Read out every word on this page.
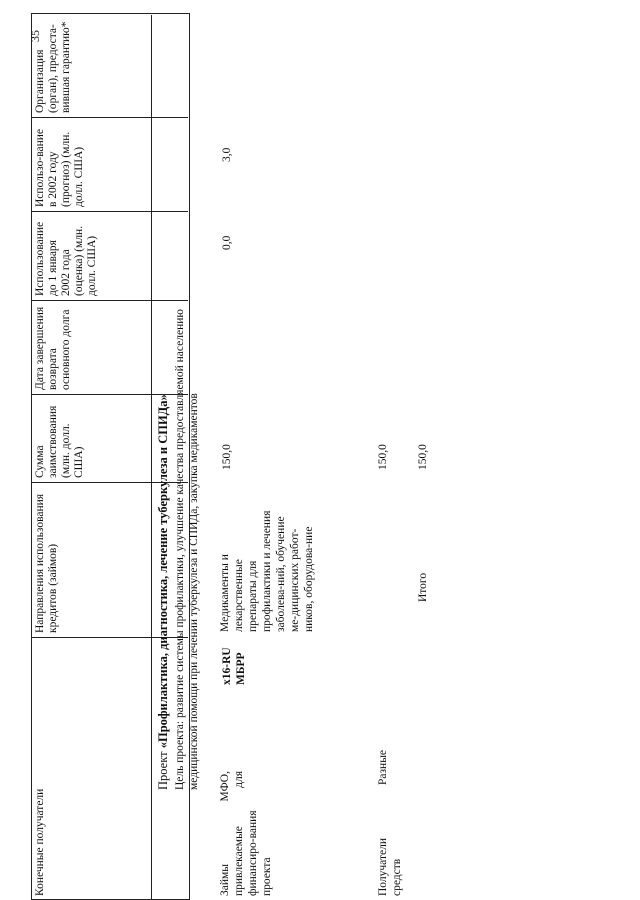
35
Конечные получатели
Направления использования кредитов (займов)
Сумма заимствования (млн. долл. США)
Дата завершения возврата основного долга
Использование до 1 января 2002 года (оценка) (млн. долл. США)
Использо-вание в 2002 году (прогноз) (млн. долл. США)
Организация (орган), предоста-вившая гарантию*
Проект «Профилактика, диагностика, лечение туберкулеза и СПИДа» Цель проекта: развитие системы профилактики, улучшение качества предоставляемой населению медицинской помощи при лечении туберкулеза и СПИДа, закупка медикаментов
Займы МФО, привлекаемые для финансиро-вания проекта
x16-RU МБРР
Медикаменты и лекарственные препараты для профилактики и лечения заболева-ний, обучение ме-дицинских работ-ников, оборудова-ние
150,0
0,0
3,0
Получатели средств
Разные
150,0
Итого
150,0
